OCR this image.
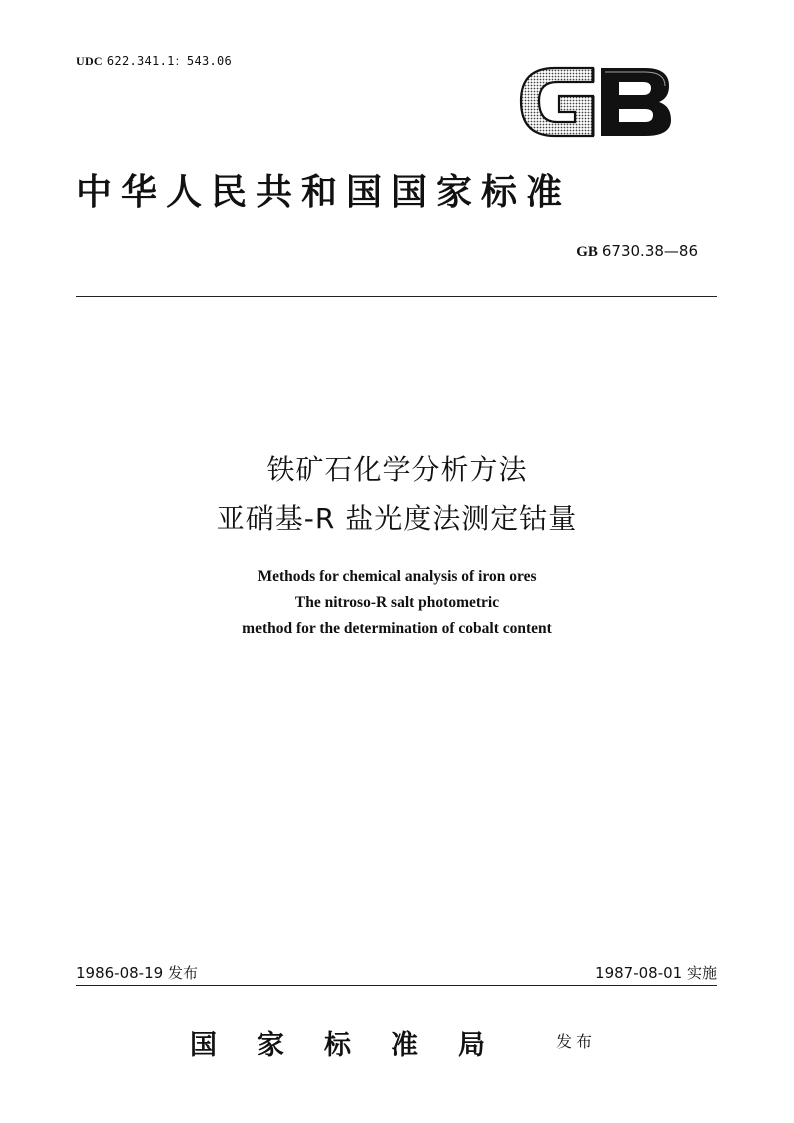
UDC 622.341.1：543.06
中华人民共和国国家标准
GB 6730.38—86
铁矿石化学分析方法
亚硝基-R 盐光度法测定钴量
Methods for chemical analysis of iron ores
The nitroso-R salt photometric
method for the determination of cobalt content
1986-08-19 发布	1987-08-01 实施
国家标准局 发布
